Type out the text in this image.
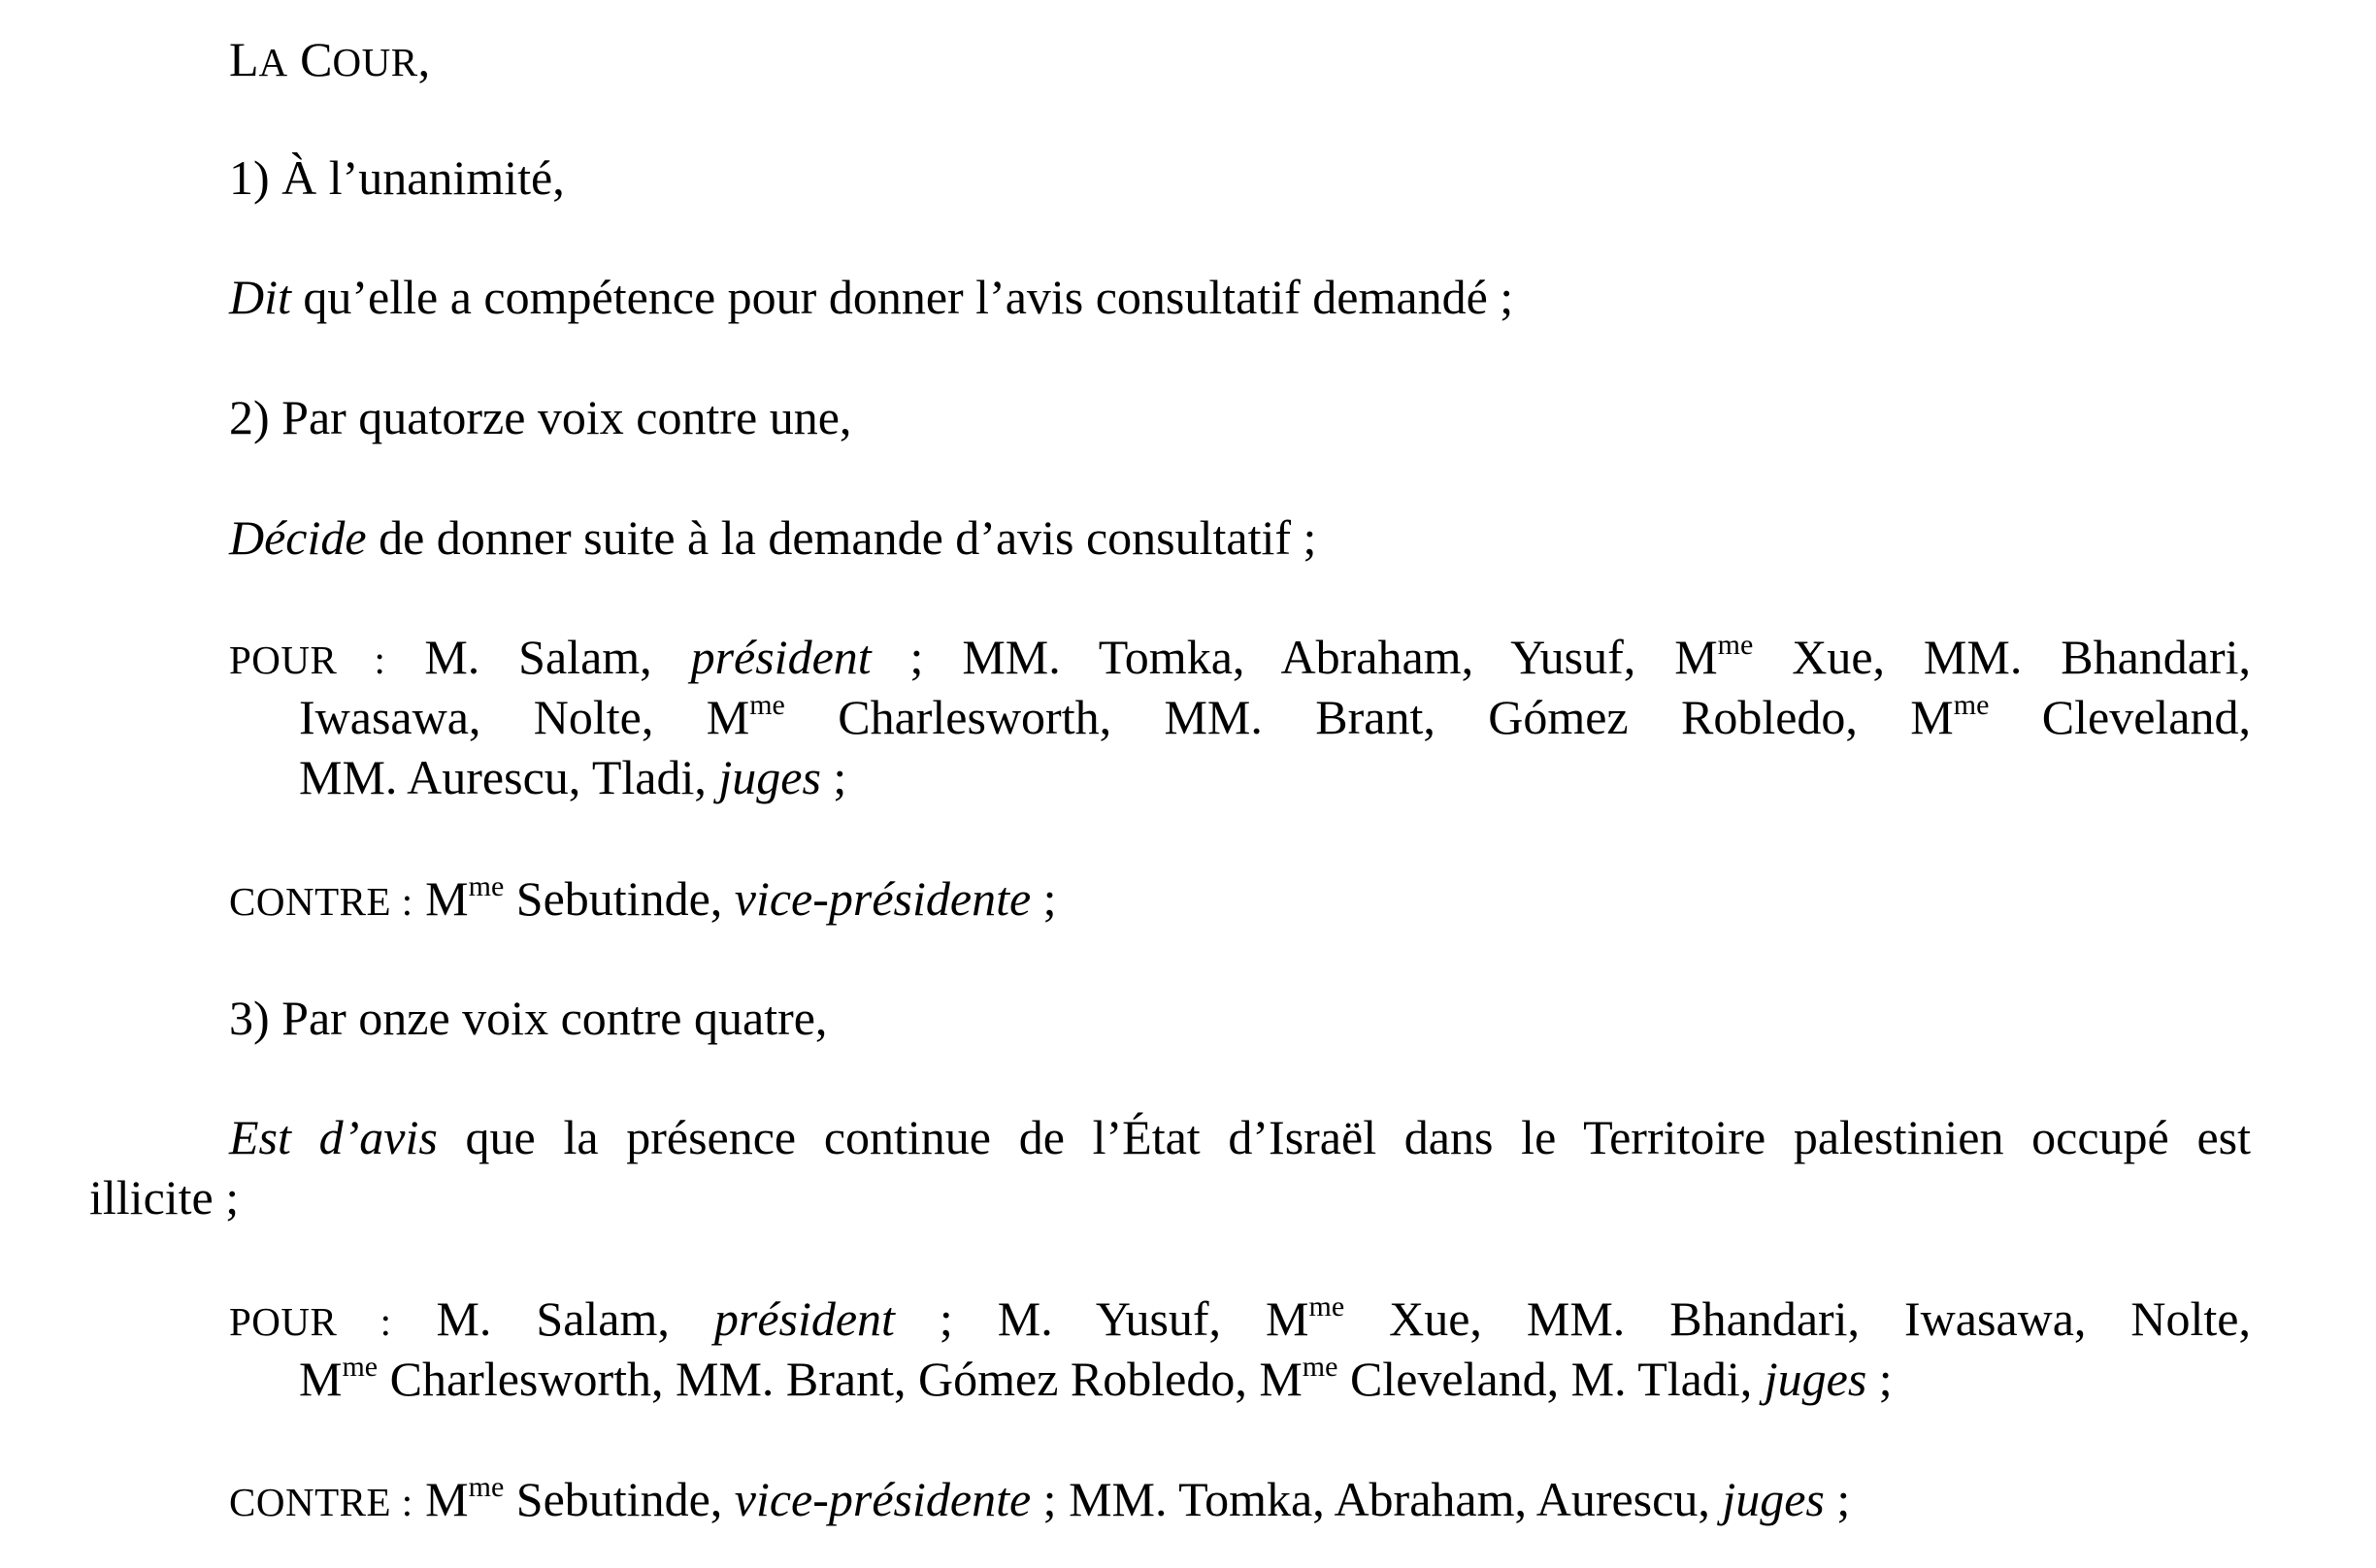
LA COUR,
1) À l’unanimité,
Dit qu’elle a compétence pour donner l’avis consultatif demandé ;
2) Par quatorze voix contre une,
Décide de donner suite à la demande d’avis consultatif ;
POUR : M. Salam, président ; MM. Tomka, Abraham, Yusuf, $M^{me}$ Xue, MM. Bhandari,
Iwasawa, Nolte, $M^{me}$ Charlesworth, MM. Brant, Gómez Robledo, $M^{me}$ Cleveland,
MM. Aurescu, Tladi, juges ;
CONTRE : $M^{me}$ Sebutinde, vice-présidente ;
3) Par onze voix contre quatre,
Est d’avis que la présence continue de l’État d’Israël dans le Territoire palestinien occupé est
illicite ;
POUR : M. Salam, président ; M. Yusuf, $M^{me}$ Xue, MM. Bhandari, Iwasawa, Nolte,
$M^{me}$ Charlesworth, MM. Brant, Gómez Robledo, $M^{me}$ Cleveland, M. Tladi, juges ;
CONTRE : $M^{me}$ Sebutinde, vice-présidente ; MM. Tomka, Abraham, Aurescu, juges ;
